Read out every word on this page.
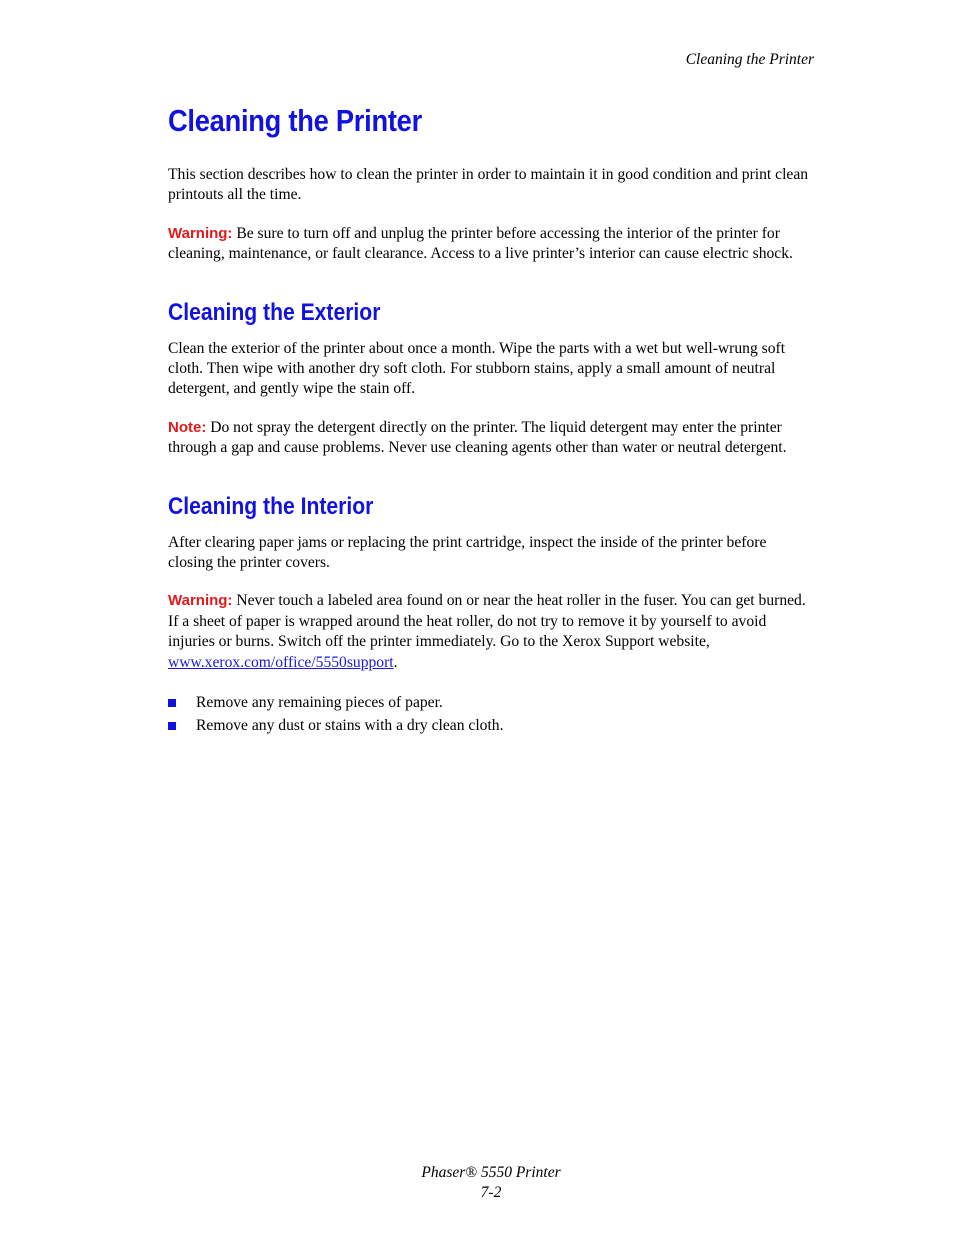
Cleaning the Printer
Cleaning the Printer

This section describes how to clean the printer in order to maintain it in good condition and print clean printouts all the time.

Warning: Be sure to turn off and unplug the printer before accessing the interior of the printer for cleaning, maintenance, or fault clearance. Access to a live printer’s interior can cause electric shock.

Cleaning the Exterior

Clean the exterior of the printer about once a month. Wipe the parts with a wet but well-wrung soft cloth. Then wipe with another dry soft cloth. For stubborn stains, apply a small amount of neutral detergent, and gently wipe the stain off.

Note: Do not spray the detergent directly on the printer. The liquid detergent may enter the printer through a gap and cause problems. Never use cleaning agents other than water or neutral detergent.

Cleaning the Interior

After clearing paper jams or replacing the print cartridge, inspect the inside of the printer before closing the printer covers.

Warning: Never touch a labeled area found on or near the heat roller in the fuser. You can get burned. If a sheet of paper is wrapped around the heat roller, do not try to remove it by yourself to avoid injuries or burns. Switch off the printer immediately. Go to the Xerox Support website, www.xerox.com/office/5550support.

Remove any remaining pieces of paper.
Remove any dust or stains with a dry clean cloth.
Phaser® 5550 Printer
7-2
